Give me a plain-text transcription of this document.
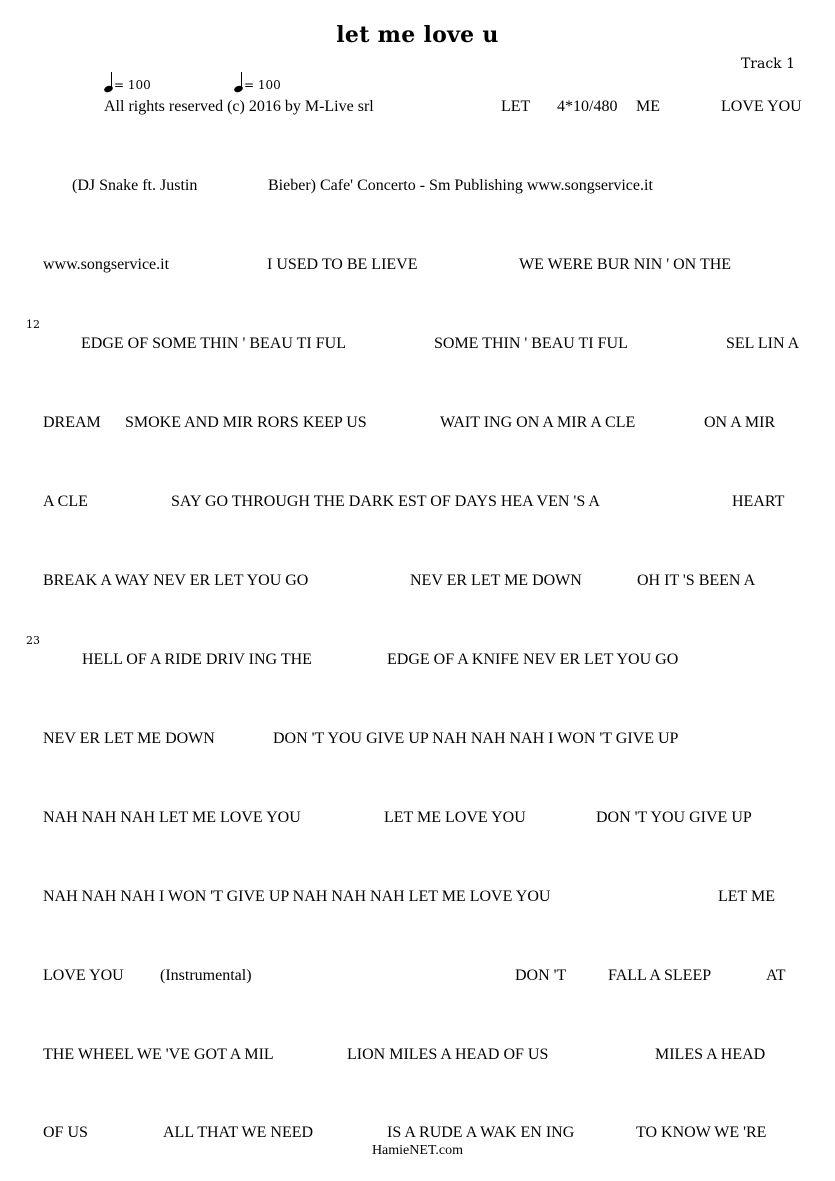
let me love u
Track 1
= 100	= 100
12
23
All rights reserved (c) 2016 by M-Live srl	LET 4*10/480 ME	LOVE YOU
(DJ Snake ft. Justin	Bieber) Cafe' Concerto - Sm Publishing www.songservice.it
www.songservice.it	I USED TO BE LIEVE	WE WERE BUR NIN ' ON THE
EDGE OF SOME THIN ' BEAU TI FUL	SOME THIN ' BEAU TI FUL	SEL LIN A
DREAM SMOKE AND MIR RORS KEEP US	WAIT ING ON A MIR A CLE	ON A MIR
A CLE	SAY GO THROUGH THE DARK EST OF DAYS HEA VEN 'S A	HEART
BREAK A WAY NEV ER LET YOU GO	NEV ER LET ME DOWN	OH IT 'S BEEN A
HELL OF A RIDE DRIV ING THE	EDGE OF A KNIFE NEV ER LET YOU GO
NEV ER LET ME DOWN	DON 'T YOU GIVE UP NAH NAH NAH I WON 'T GIVE UP
NAH NAH NAH LET ME LOVE YOU	LET ME LOVE YOU	DON 'T YOU GIVE UP
NAH NAH NAH I WON 'T GIVE UP NAH NAH NAH LET ME LOVE YOU	LET ME
LOVE YOU (Instrumental)	DON 'T	FALL A SLEEP	AT
THE WHEEL WE 'VE GOT A MIL	LION MILES A HEAD OF US	MILES A HEAD
OF US	ALL THAT WE NEED	IS A RUDE A WAK EN ING	TO KNOW WE 'RE
HamieNET.com
